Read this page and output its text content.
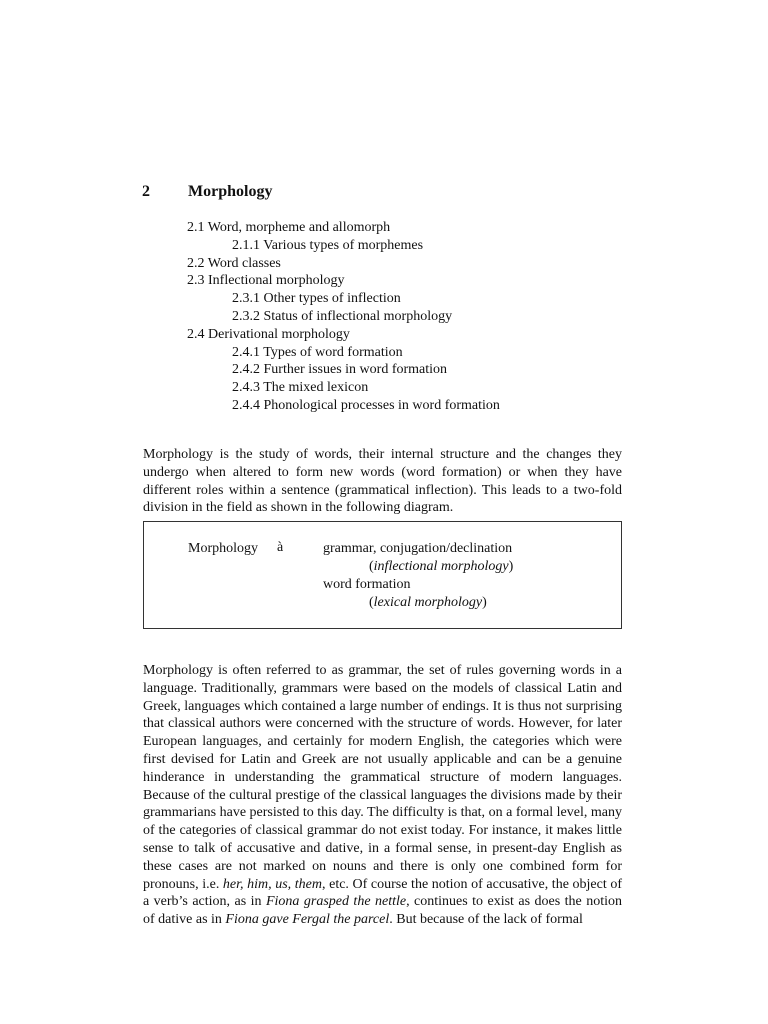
2 Morphology
2.1 Word, morpheme and allomorph
2.1.1 Various types of morphemes
2.2 Word classes
2.3 Inflectional morphology
2.3.1 Other types of inflection
2.3.2 Status of inflectional morphology
2.4 Derivational morphology
2.4.1 Types of word formation
2.4.2 Further issues in word formation
2.4.3 The mixed lexicon
2.4.4 Phonological processes in word formation

Morphology is the study of words, their internal structure and the changes they undergo when altered to form new words (word formation) or when they have different roles within a sentence (grammatical inflection). This leads to a two-fold division in the field as shown in the following diagram.

Morphology à	grammar, conjugation/declination
(inflectional morphology)
word formation
(lexical morphology)

Morphology is often referred to as grammar, the set of rules governing words in a language. Traditionally, grammars were based on the models of classical Latin and Greek, languages which contained a large number of endings. It is thus not surprising that classical authors were concerned with the structure of words. However, for later European languages, and certainly for modern English, the categories which were first devised for Latin and Greek are not usually applicable and can be a genuine hinderance in understanding the grammatical structure of modern languages. Because of the cultural prestige of the classical languages the divisions made by their grammarians have persisted to this day. The difficulty is that, on a formal level, many of the categories of classical grammar do not exist today. For instance, it makes little sense to talk of accusative and dative, in a formal sense, in present-day English as these cases are not marked on nouns and there is only one combined form for pronouns, i.e. her, him, us, them, etc. Of course the notion of accusative, the object of a verb’s action, as in Fiona grasped the nettle, continues to exist as does the notion of dative as in Fiona gave Fergal the parcel. But because of the lack of formal
